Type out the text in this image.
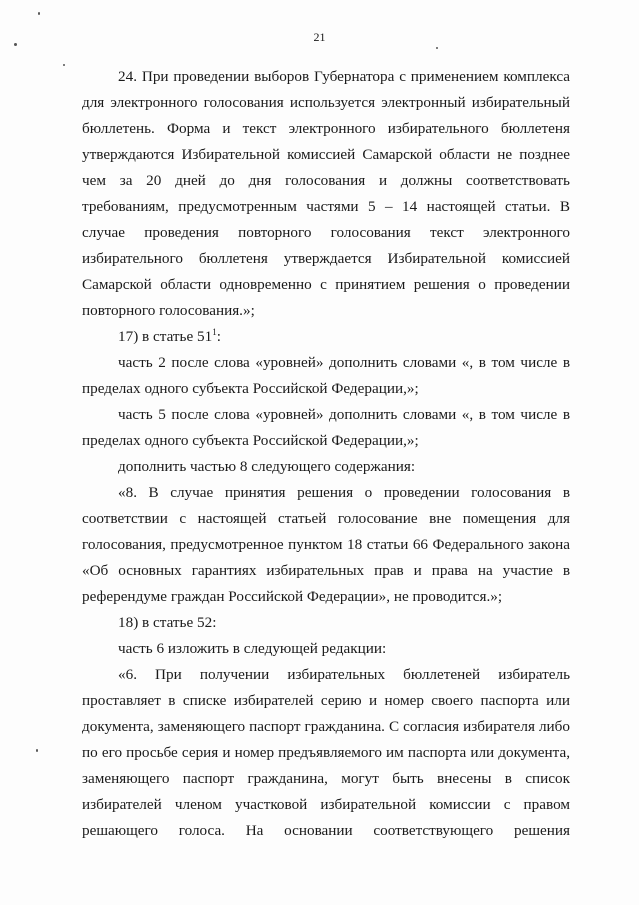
21

24. При проведении выборов Губернатора с применением комплекса для электронного голосования используется электронный избирательный бюллетень. Форма и текст электронного избирательного бюллетеня утверждаются Избирательной комиссией Самарской области не позднее чем за 20 дней до дня голосования и должны соответствовать требованиям, предусмотренным частями 5 – 14 настоящей статьи. В случае проведения повторного голосования текст электронного избирательного бюллетеня утверждается Избирательной комиссией Самарской области одновременно с принятием решения о проведении повторного голосования.»;

17) в статье $51^1$:

часть 2 после слова «уровней» дополнить словами «, в том числе в пределах одного субъекта Российской Федерации,»;

часть 5 после слова «уровней» дополнить словами «, в том числе в пределах одного субъекта Российской Федерации,»;

дополнить частью 8 следующего содержания:

«8. В случае принятия решения о проведении голосования в соответствии с настоящей статьей голосование вне помещения для голосования, предусмотренное пунктом 18 статьи 66 Федерального закона «Об основных гарантиях избирательных прав и права на участие в референдуме граждан Российской Федерации», не проводится.»;

18) в статье 52:

часть 6 изложить в следующей редакции:

«6. При получении избирательных бюллетеней избиратель проставляет в списке избирателей серию и номер своего паспорта или документа, заменяющего паспорт гражданина. С согласия избирателя либо по его просьбе серия и номер предъявляемого им паспорта или документа, заменяющего паспорт гражданина, могут быть внесены в список избирателей членом участковой избирательной комиссии с правом решающего голоса. На основании соответствующего решения
